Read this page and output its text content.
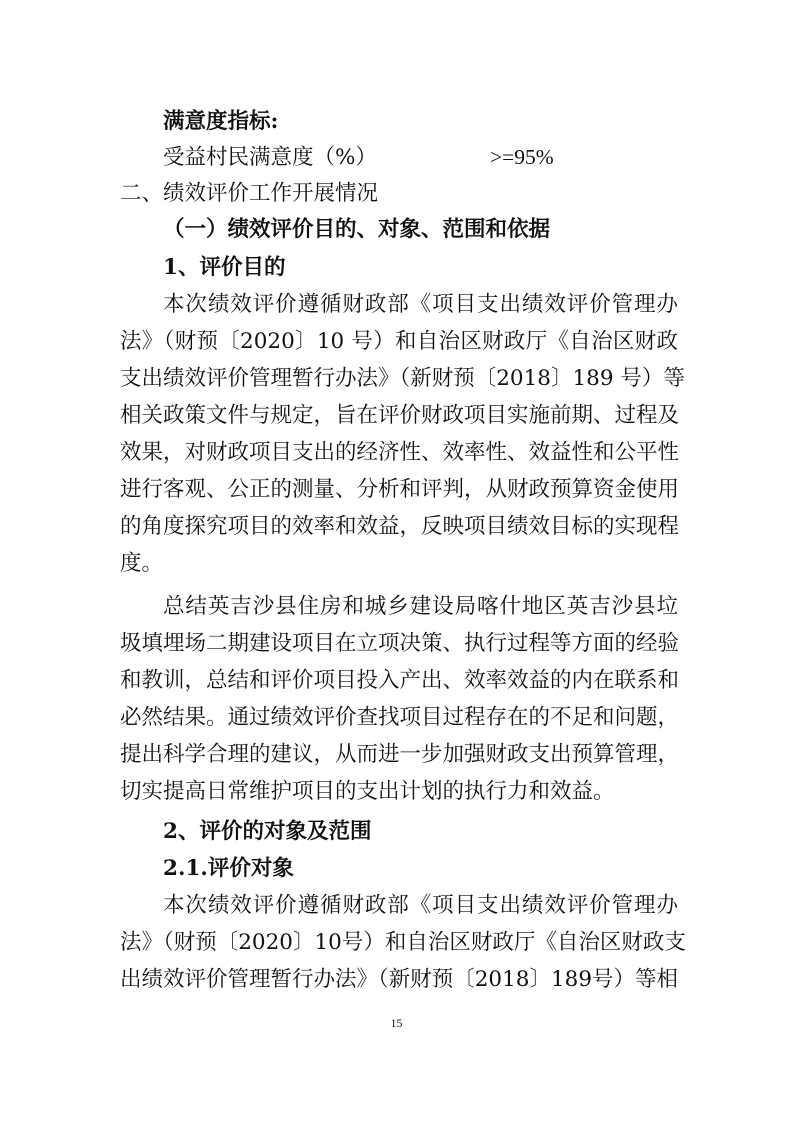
满意度指标:
受益村民满意度（%）	>=95%
二、绩效评价工作开展情况
（一）绩效评价目的、对象、范围和依据
1、评价目的
本次绩效评价遵循财政部《项目支出绩效评价管理办
法》（财预〔2020〕10 号）和自治区财政厅《自治区财政
支出绩效评价管理暂行办法》（新财预〔2018〕189 号）等
相关政策文件与规定，旨在评价财政项目实施前期、过程及
效果，对财政项目支出的经济性、效率性、效益性和公平性
进行客观、公正的测量、分析和评判，从财政预算资金使用
的角度探究项目的效率和效益，反映项目绩效目标的实现程
度。
总结英吉沙县住房和城乡建设局喀什地区英吉沙县垃
圾填埋场二期建设项目在立项决策、执行过程等方面的经验
和教训，总结和评价项目投入产出、效率效益的内在联系和
必然结果。通过绩效评价查找项目过程存在的不足和问题，
提出科学合理的建议，从而进一步加强财政支出预算管理，
切实提高日常维护项目的支出计划的执行力和效益。
2、评价的对象及范围
2.1.评价对象
本次绩效评价遵循财政部《项目支出绩效评价管理办
法》（财预〔2020〕10号）和自治区财政厅《自治区财政支
出绩效评价管理暂行办法》（新财预〔2018〕189号）等相
15
